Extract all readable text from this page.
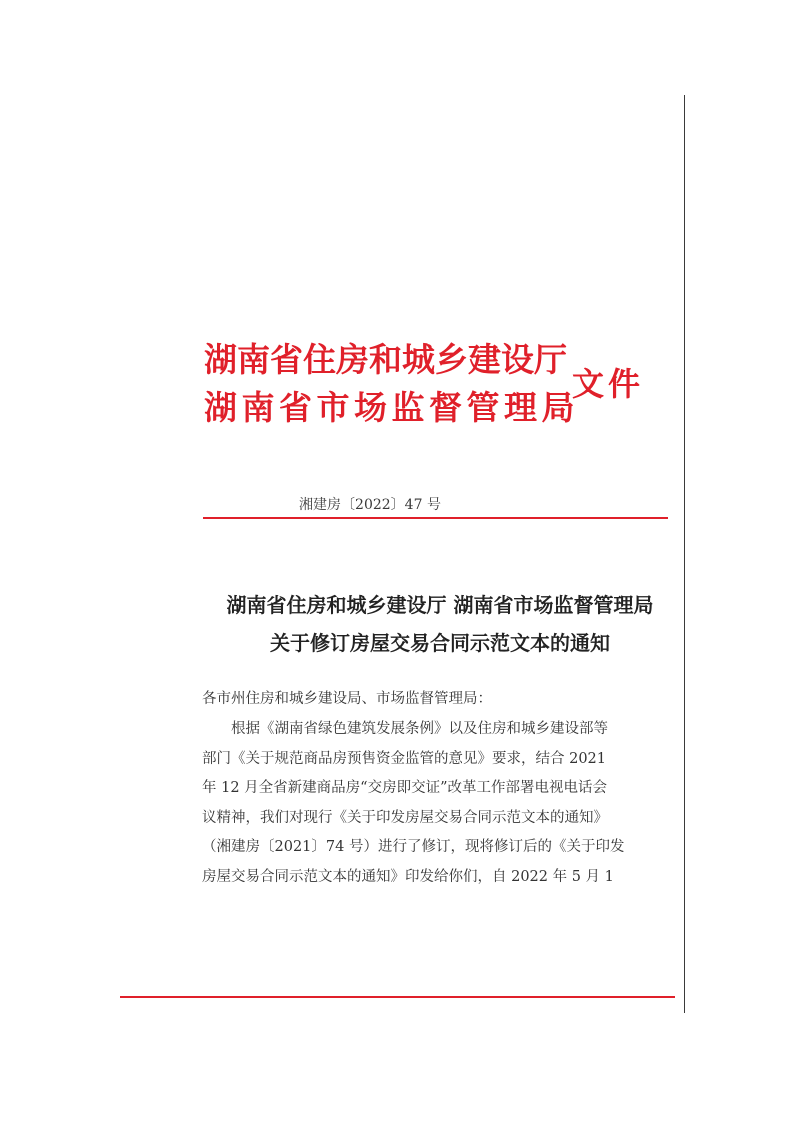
湖南省住房和城乡建设厅
湖南省市场监督管理局
文件
湘建房〔2022〕47 号
湖南省住房和城乡建设厅 湖南省市场监督管理局
关于修订房屋交易合同示范文本的通知
各市州住房和城乡建设局、市场监督管理局：
根据《湖南省绿色建筑发展条例》以及住房和城乡建设部等
部门《关于规范商品房预售资金监管的意见》要求，结合 2021
年 12 月全省新建商品房“交房即交证”改革工作部署电视电话会
议精神，我们对现行《关于印发房屋交易合同示范文本的通知》
（湘建房〔2021〕74 号）进行了修订，现将修订后的《关于印发
房屋交易合同示范文本的通知》印发给你们，自 2022 年 5 月 1
